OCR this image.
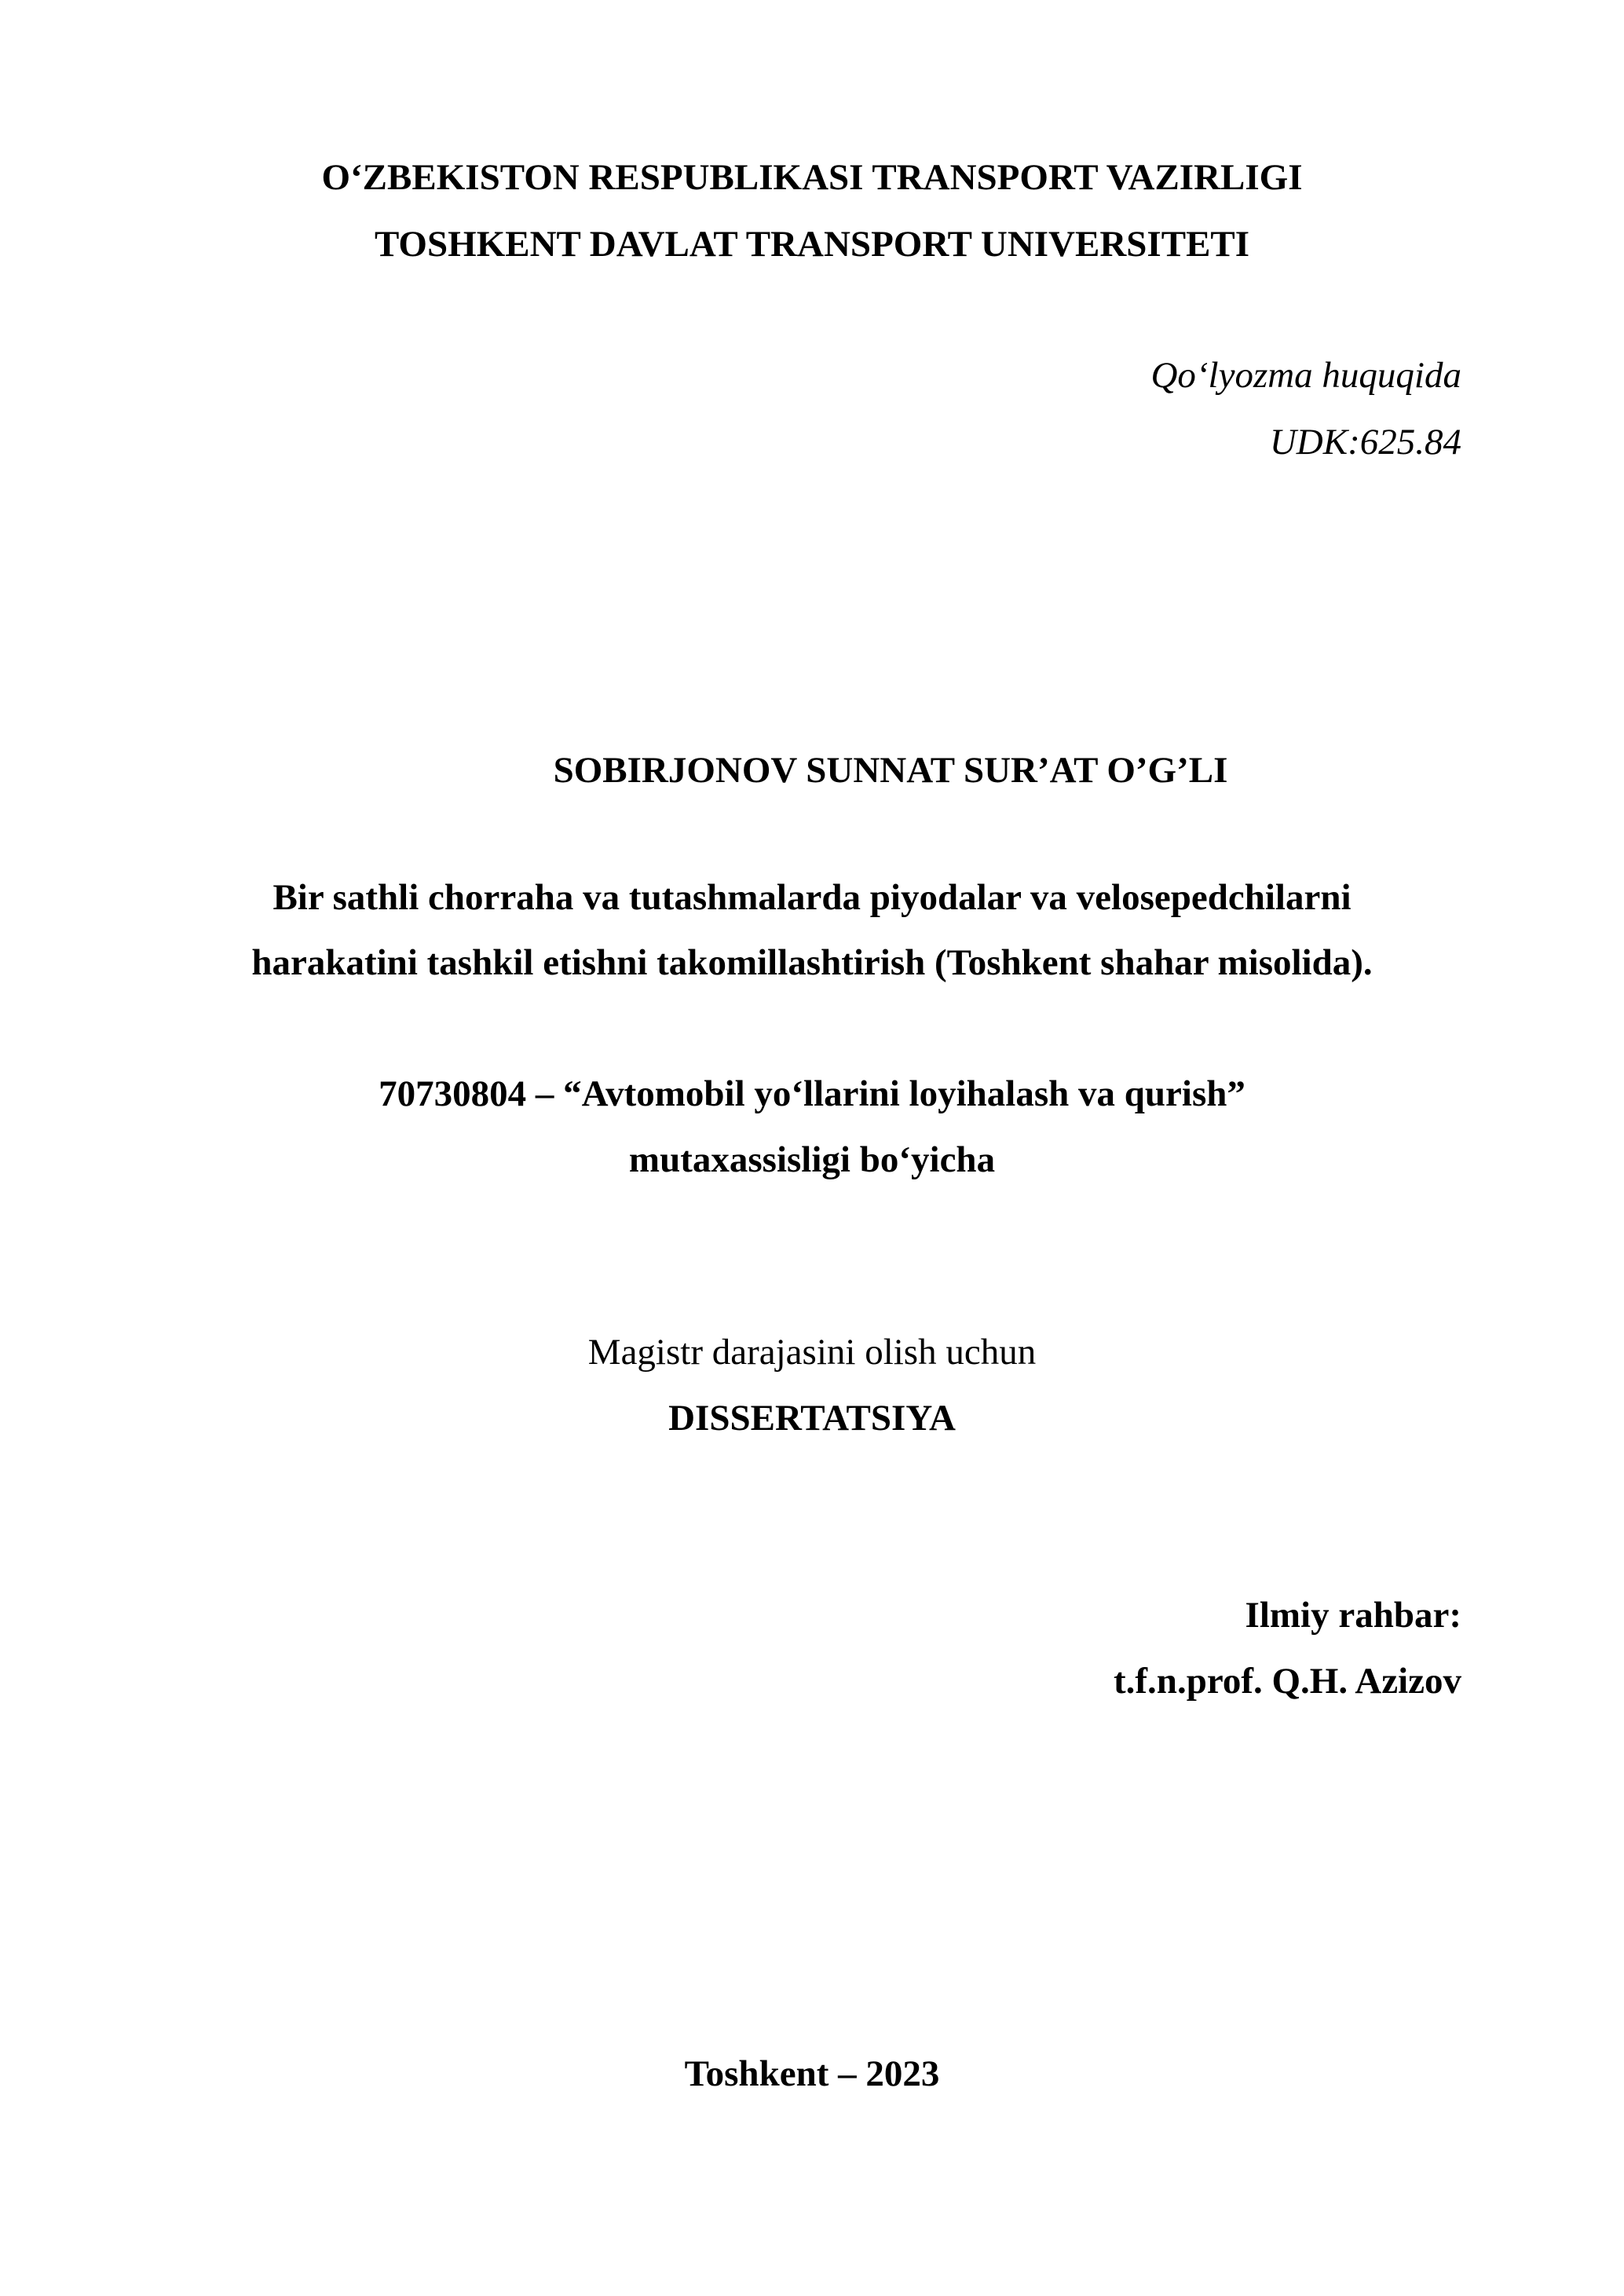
O‘ZBEKISTON RESPUBLIKASI TRANSPORT VAZIRLIGI
TOSHKENT DAVLAT TRANSPORT UNIVERSITETI
Qo‘lyozma huquqida
UDK:625.84
SOBIRJONOV SUNNAT SUR’AT O’G’LI
Bir sathli chorraha va tutashmalarda piyodalar va velosepedchilarni
harakatini tashkil etishni takomillashtirish (Toshkent shahar misolida).
70730804 – “Avtomobil yo‘llarini loyihalash va qurish”
mutaxassisligi bo‘yicha
Magistr darajasini olish uchun
DISSERTATSIYA
Ilmiy rahbar:
t.f.n.prof. Q.H. Azizov
Toshkent – 2023
